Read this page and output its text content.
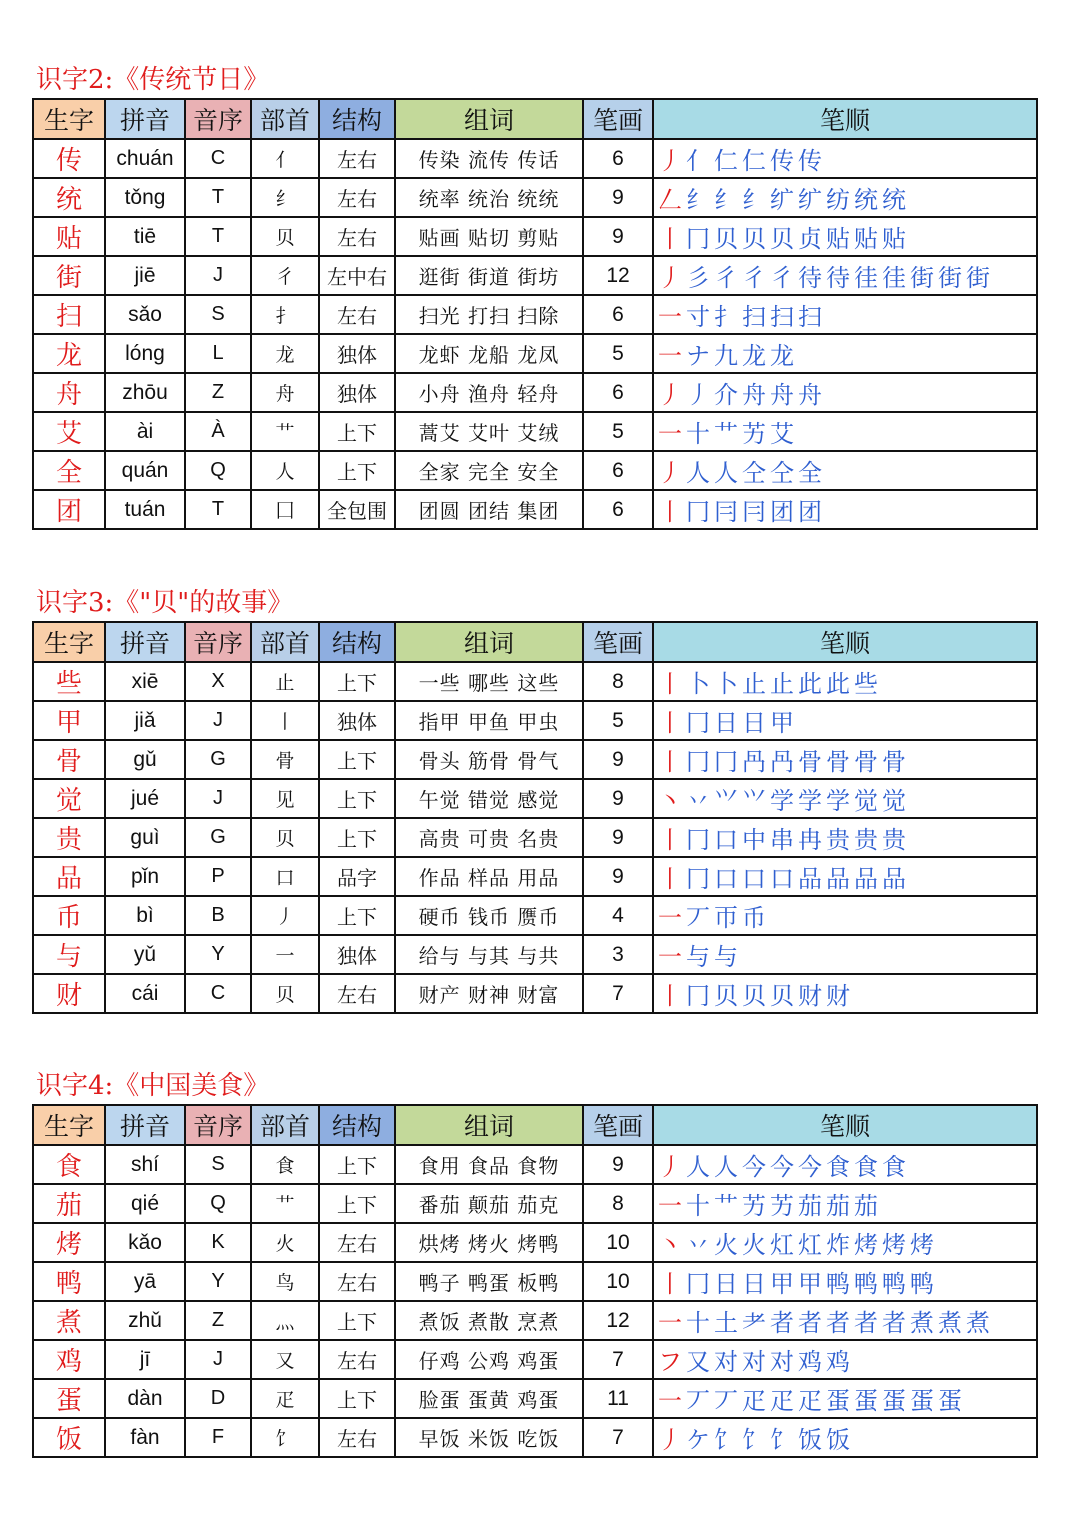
识字2:《传统节日》
生字	拼音	音序	部首	结构	组词	笔画	笔顺
传	chuán	C	亻	左右	传染 流传 传话	6	丿 亻 仁 仁 传 传
统	tǒng	T	纟	左右	统率 统治 统统	9	𠃋 纟 纟 纟 纩 纩 纺 统 统
贴	tiē	T	贝	左右	贴画 贴切 剪贴	9	丨 冂 贝 贝 贝 贞 贴 贴 贴
街	jiē	J	彳	左中右	逛街 街道 街坊	12	丿 彡 彳 彳 彳 待 待 徍 徍 街 街 街
扫	sǎo	S	扌	左右	扫光 打扫 扫除	6	一 寸 扌 扫 扫 扫
龙	lóng	L	龙	独体	龙虾 龙船 龙凤	5	一 ナ 九 龙 龙
舟	zhōu	Z	舟	独体	小舟 渔舟 轻舟	6	丿 丿 介 舟 舟 舟
艾	ài	À	艹	上下	蒿艾 艾叶 艾绒	5	一 十 艹 艻 艾
全	quán	Q	人	上下	全家 完全 安全	6	丿 人 人 仝 仝 全
团	tuán	T	囗	全包围	团圆 团结 集团	6	丨 冂 冃 冃 团 团
识字3:《"贝"的故事》
生字	拼音	音序	部首	结构	组词	笔画	笔顺
些	xiē	X	止	上下	一些 哪些 这些	8	丨 卜 卜 止 止 此 此 些
甲	jiǎ	J	丨	独体	指甲 甲鱼 甲虫	5	丨 冂 日 日 甲
骨	gǔ	G	骨	上下	骨头 筋骨 骨气	9	丨 冂 冂 冎 冎 骨 骨 骨 骨
觉	jué	J	见	上下	午觉 错觉 感觉	9	丶 丷 ⺍ ⺍ 学 学 学 觉 觉
贵	guì	G	贝	上下	高贵 可贵 名贵	9	丨 冂 口 中 串 冉 贵 贵 贵
品	pǐn	P	口	品字	作品 样品 用品	9	丨 冂 口 口 口 品 品 品 品
币	bì	B	丿	上下	硬币 钱币 赝币	4	一 丆 帀 币
与	yǔ	Y	一	独体	给与 与其 与共	3	一 与 与
财	cái	C	贝	左右	财产 财神 财富	7	丨 冂 贝 贝 贝 财 财
识字4:《中国美食》
生字	拼音	音序	部首	结构	组词	笔画	笔顺
食	shí	S	食	上下	食用 食品 食物	9	丿 人 人 今 今 今 食 食 食
茄	qié	Q	艹	上下	番茄 颠茄 茄克	8	一 十 艹 艻 艻 茄 茄 茄
烤	kǎo	K	火	左右	烘烤 烤火 烤鸭	10	丶 丷 火 火 灴 灴 炸 烤 烤 烤
鸭	yā	Y	鸟	左右	鸭子 鸭蛋 板鸭	10	丨 冂 日 日 甲 甲 鸭 鸭 鸭 鸭
煮	zhǔ	Z	灬	上下	煮饭 煮散 烹煮	12	一 十 土 耂 者 者 者 者 者 煮 煮 煮
鸡	jī	J	又	左右	仔鸡 公鸡 鸡蛋	7	フ 又 对 对 对 鸡 鸡
蛋	dàn	D	疋	上下	脸蛋 蛋黄 鸡蛋	11	一 丆 丆 疋 疋 疋 蛋 蛋 蛋 蛋 蛋
饭	fàn	F	饣	左右	早饭 米饭 吃饭	7	丿 ケ 饣 饣 饣 饭 饭
